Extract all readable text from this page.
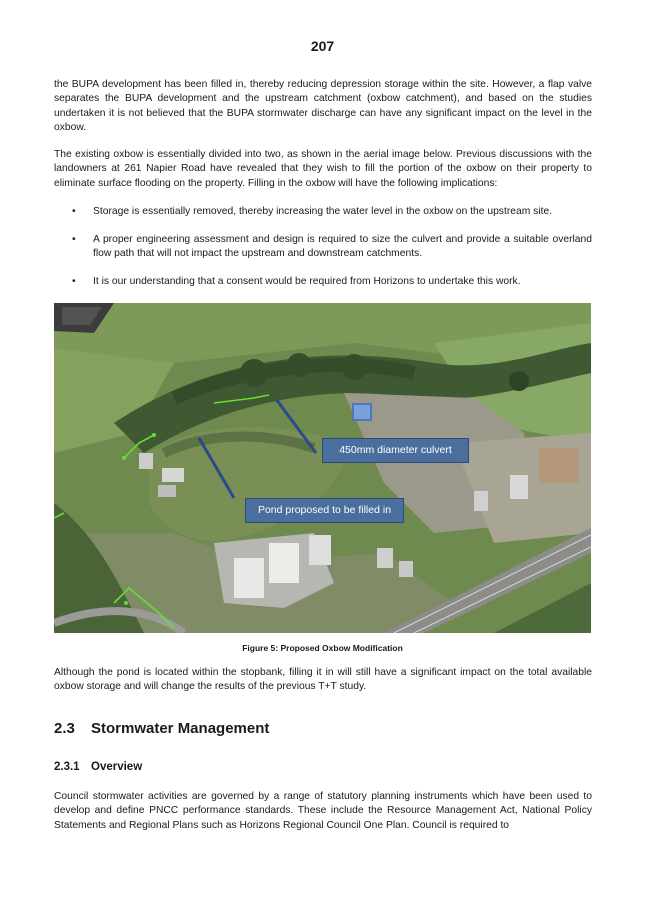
207

the BUPA development has been filled in, thereby reducing depression storage within the site. However, a flap valve separates the BUPA development and the upstream catchment (oxbow catchment), and based on the studies undertaken it is not believed that the BUPA stormwater discharge can have any significant impact on the level in the oxbow.

The existing oxbow is essentially divided into two, as shown in the aerial image below. Previous discussions with the landowners at 261 Napier Road have revealed that they wish to fill the portion of the oxbow on their property to eliminate surface flooding on the property. Filling in the oxbow will have the following implications:

• Storage is essentially removed, thereby increasing the water level in the oxbow on the upstream site.
• A proper engineering assessment and design is required to size the culvert and provide a suitable overland flow path that will not impact the upstream and downstream catchments.
• It is our understanding that a consent would be required from Horizons to undertake this work.
450mm diameter culvert
Pond proposed to be filled in
Figure 5: Proposed Oxbow Modification

Although the pond is located within the stopbank, filling it in will still have a significant impact on the total available oxbow storage and will change the results of the previous T+T study.

2.3 Stormwater Management
2.3.1 Overview

Council stormwater activities are governed by a range of statutory planning instruments which have been used to develop and define PNCC performance standards. These include the Resource Management Act, National Policy Statements and Regional Plans such as Horizons Regional Council One Plan. Council is required to
